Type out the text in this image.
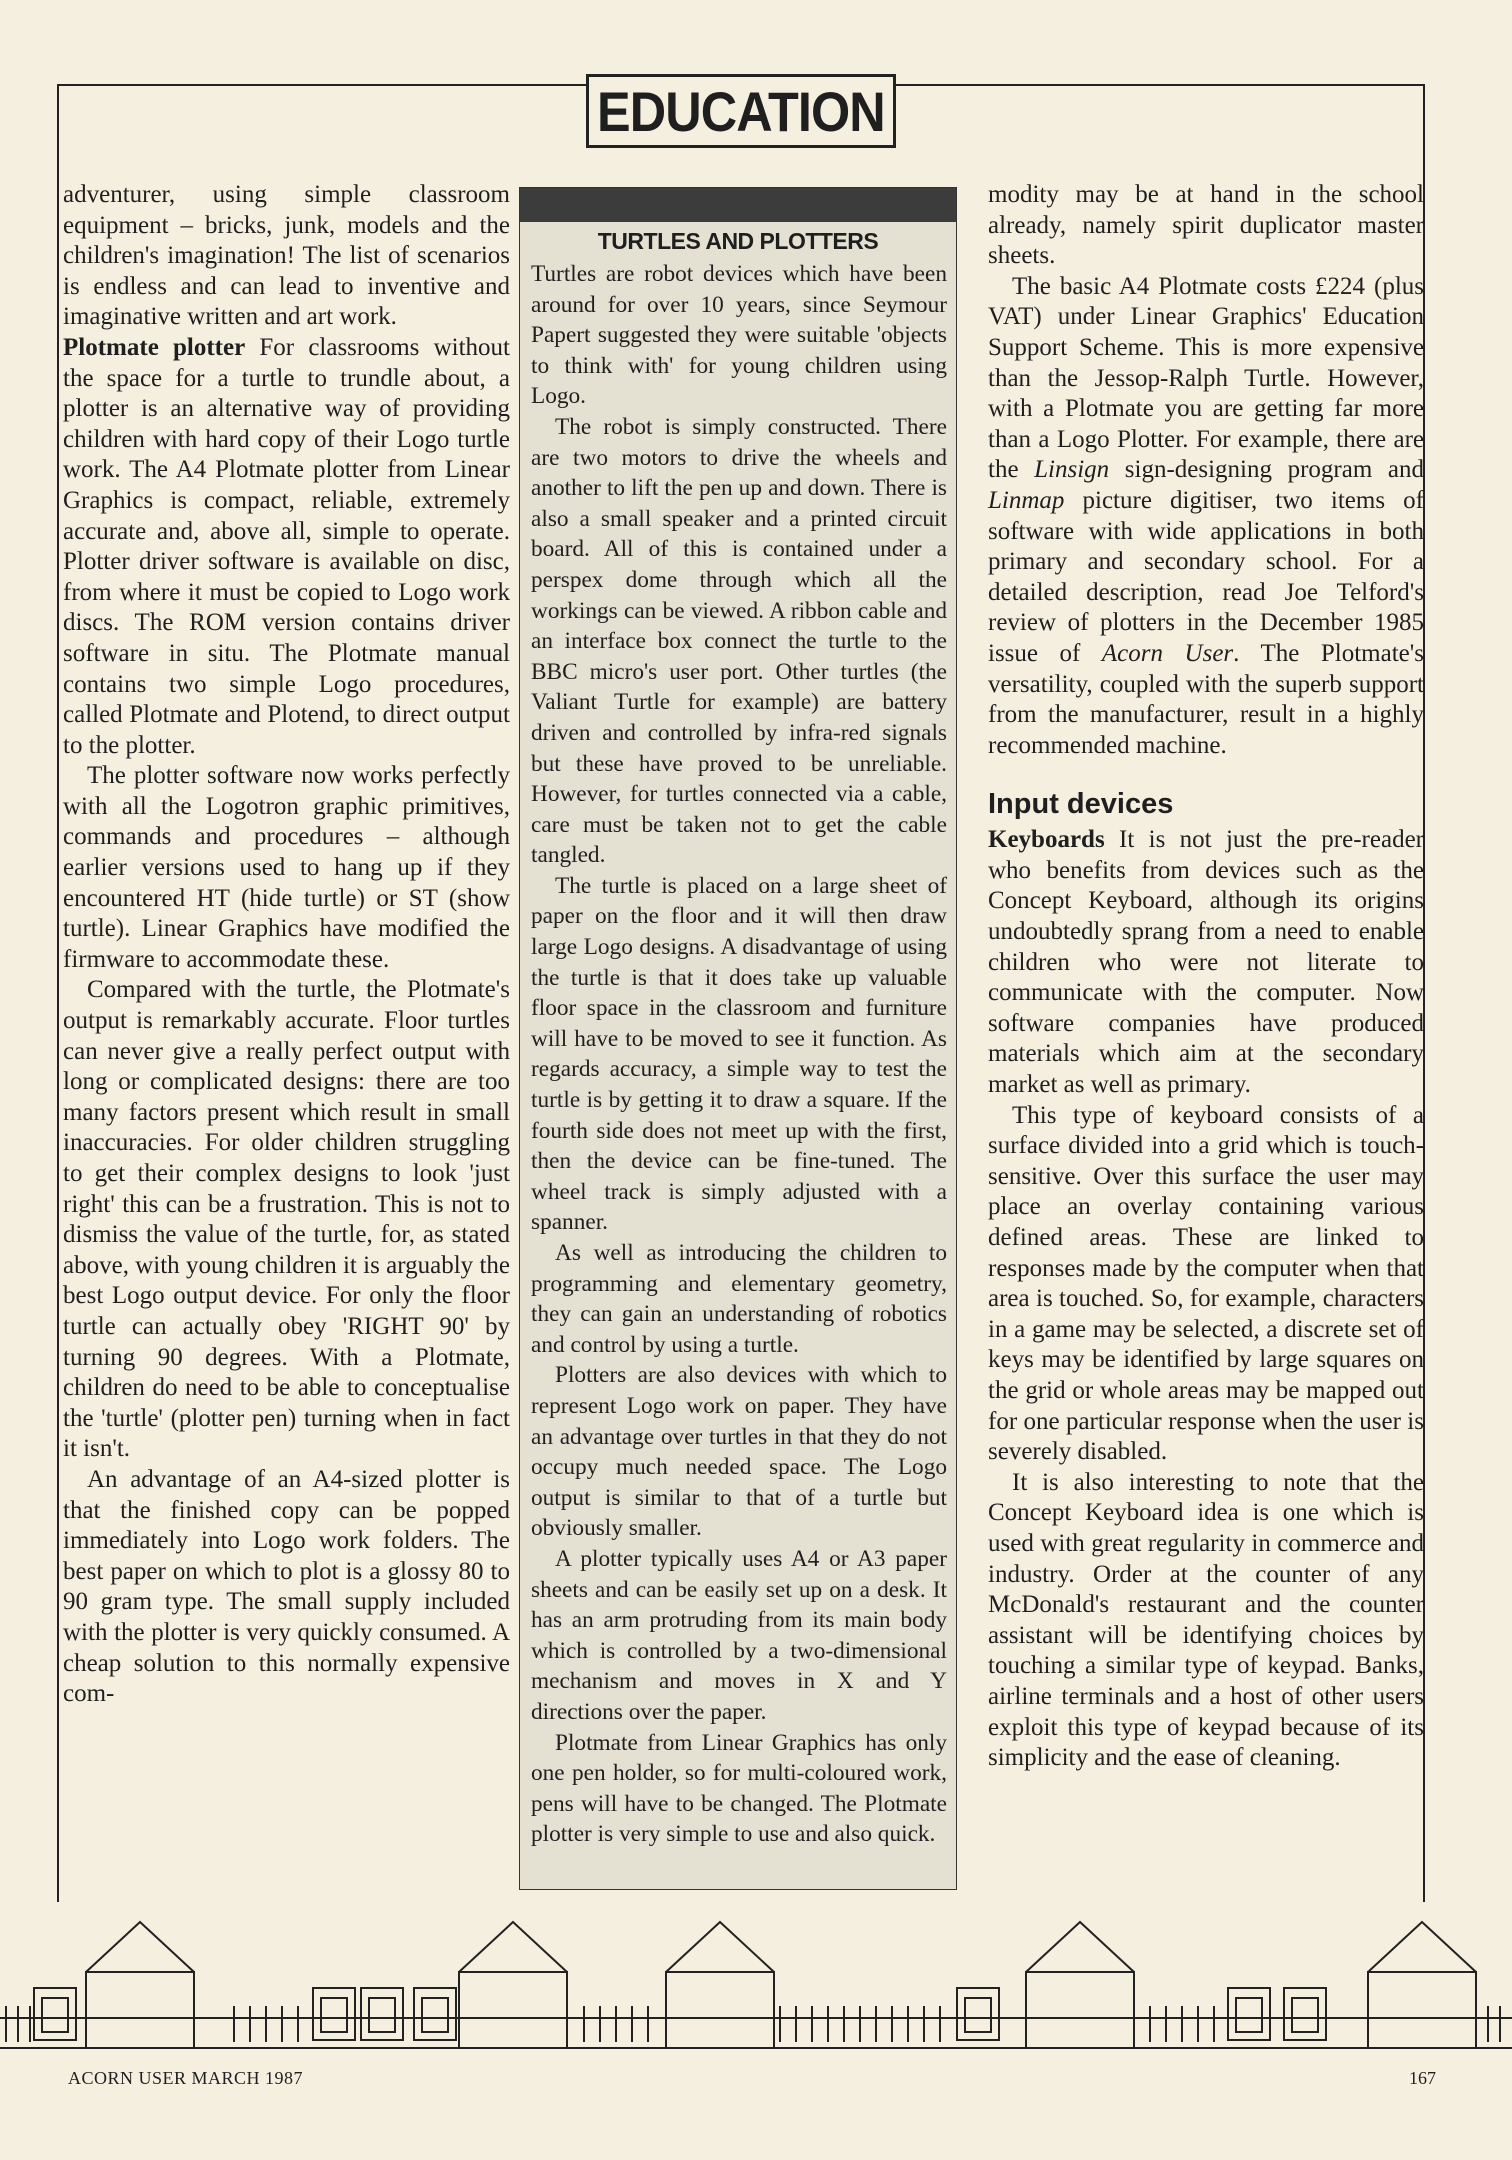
EDUCATION

adventurer, using simple classroom equipment – bricks, junk, models and the children's imagination! The list of scenarios is endless and can lead to inventive and imaginative written and art work.

Plotmate plotter For classrooms without the space for a turtle to trundle about, a plotter is an alternative way of providing children with hard copy of their Logo turtle work. The A4 Plotmate plotter from Linear Graphics is compact, reliable, extremely accurate and, above all, simple to operate. Plotter driver software is available on disc, from where it must be copied to Logo work discs. The ROM version contains driver software in situ. The Plotmate manual contains two simple Logo procedures, called Plotmate and Plotend, to direct output to the plotter.

The plotter software now works perfectly with all the Logotron graphic primitives, commands and procedures – although earlier versions used to hang up if they encountered HT (hide turtle) or ST (show turtle). Linear Graphics have modified the firmware to accommodate these.

Compared with the turtle, the Plotmate's output is remarkably accurate. Floor turtles can never give a really perfect output with long or complicated designs: there are too many factors present which result in small inaccuracies. For older children struggling to get their complex designs to look 'just right' this can be a frustration. This is not to dismiss the value of the turtle, for, as stated above, with young children it is arguably the best Logo output device. For only the floor turtle can actually obey 'RIGHT 90' by turning 90 degrees. With a Plotmate, children do need to be able to conceptualise the 'turtle' (plotter pen) turning when in fact it isn't.

An advantage of an A4-sized plotter is that the finished copy can be popped immediately into Logo work folders. The best paper on which to plot is a glossy 80 to 90 gram type. The small supply included with the plotter is very quickly consumed. A cheap solution to this normally expensive com-

TURTLES AND PLOTTERS

Turtles are robot devices which have been around for over 10 years, since Seymour Papert suggested they were suitable 'objects to think with' for young children using Logo.

The robot is simply constructed. There are two motors to drive the wheels and another to lift the pen up and down. There is also a small speaker and a printed circuit board. All of this is contained under a perspex dome through which all the workings can be viewed. A ribbon cable and an interface box connect the turtle to the BBC micro's user port. Other turtles (the Valiant Turtle for example) are battery driven and controlled by infra-red signals but these have proved to be unreliable. However, for turtles connected via a cable, care must be taken not to get the cable tangled.

The turtle is placed on a large sheet of paper on the floor and it will then draw large Logo designs. A disadvantage of using the turtle is that it does take up valuable floor space in the classroom and furniture will have to be moved to see it function. As regards accuracy, a simple way to test the turtle is by getting it to draw a square. If the fourth side does not meet up with the first, then the device can be fine-tuned. The wheel track is simply adjusted with a spanner.

As well as introducing the children to programming and elementary geometry, they can gain an understanding of robotics and control by using a turtle.

Plotters are also devices with which to represent Logo work on paper. They have an advantage over turtles in that they do not occupy much needed space. The Logo output is similar to that of a turtle but obviously smaller.

A plotter typically uses A4 or A3 paper sheets and can be easily set up on a desk. It has an arm protruding from its main body which is controlled by a two-dimensional mechanism and moves in X and Y directions over the paper.

Plotmate from Linear Graphics has only one pen holder, so for multi-coloured work, pens will have to be changed. The Plotmate plotter is very simple to use and also quick.

modity may be at hand in the school already, namely spirit duplicator master sheets.

The basic A4 Plotmate costs £224 (plus VAT) under Linear Graphics' Education Support Scheme. This is more expensive than the Jessop-Ralph Turtle. However, with a Plotmate you are getting far more than a Logo Plotter. For example, there are the Linsign sign-designing program and Linmap picture digitiser, two items of software with wide applications in both primary and secondary school. For a detailed description, read Joe Telford's review of plotters in the December 1985 issue of Acorn User. The Plotmate's versatility, coupled with the superb support from the manufacturer, result in a highly recommended machine.

Input devices

Keyboards It is not just the pre-reader who benefits from devices such as the Concept Keyboard, although its origins undoubtedly sprang from a need to enable children who were not literate to communicate with the computer. Now software companies have produced materials which aim at the secondary market as well as primary.

This type of keyboard consists of a surface divided into a grid which is touch-sensitive. Over this surface the user may place an overlay containing various defined areas. These are linked to responses made by the computer when that area is touched. So, for example, characters in a game may be selected, a discrete set of keys may be identified by large squares on the grid or whole areas may be mapped out for one particular response when the user is severely disabled.

It is also interesting to note that the Concept Keyboard idea is one which is used with great regularity in commerce and industry. Order at the counter of any McDonald's restaurant and the counter assistant will be identifying choices by touching a similar type of keypad. Banks, airline terminals and a host of other users exploit this type of keypad because of its simplicity and the ease of cleaning.

ACORN USER MARCH 1987	167
